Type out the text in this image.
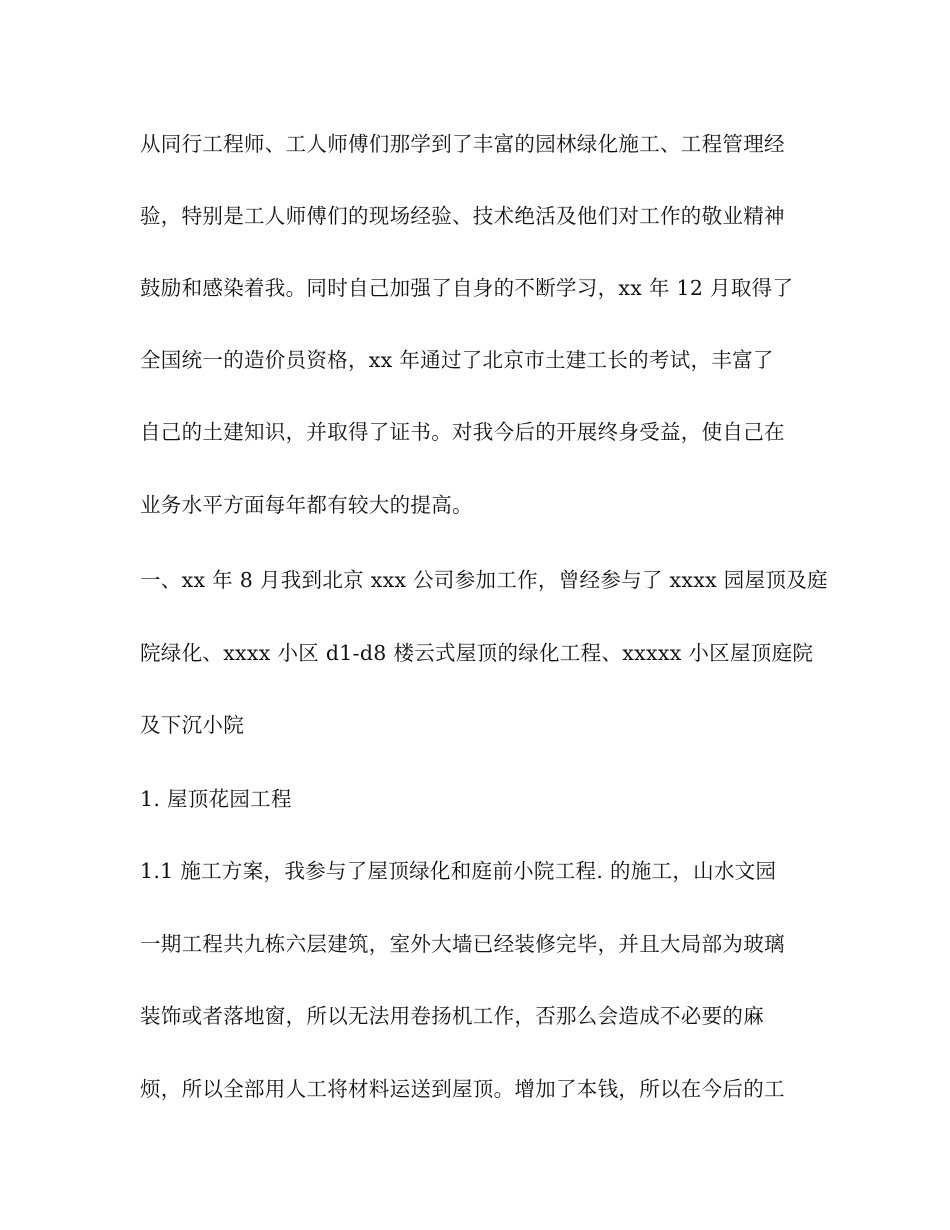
从同行工程师、工人师傅们那学到了丰富的园林绿化施工、工程管理经
验，特别是工人师傅们的现场经验、技术绝活及他们对工作的敬业精神
鼓励和感染着我。同时自己加强了自身的不断学习，xx 年 12 月取得了
全国统一的造价员资格，xx 年通过了北京市土建工长的考试，丰富了
自己的土建知识，并取得了证书。对我今后的开展终身受益，使自己在
业务水平方面每年都有较大的提高。
一、xx 年 8 月我到北京 xxx 公司参加工作，曾经参与了 xxxx 园屋顶及庭
院绿化、xxxx 小区 d1-d8 楼云式屋顶的绿化工程、xxxxx 小区屋顶庭院
及下沉小院
1. 屋顶花园工程
1.1 施工方案，我参与了屋顶绿化和庭前小院工程. 的施工，山水文园
一期工程共九栋六层建筑，室外大墙已经装修完毕，并且大局部为玻璃
装饰或者落地窗，所以无法用卷扬机工作，否那么会造成不必要的麻
烦，所以全部用人工将材料运送到屋顶。增加了本钱，所以在今后的工
